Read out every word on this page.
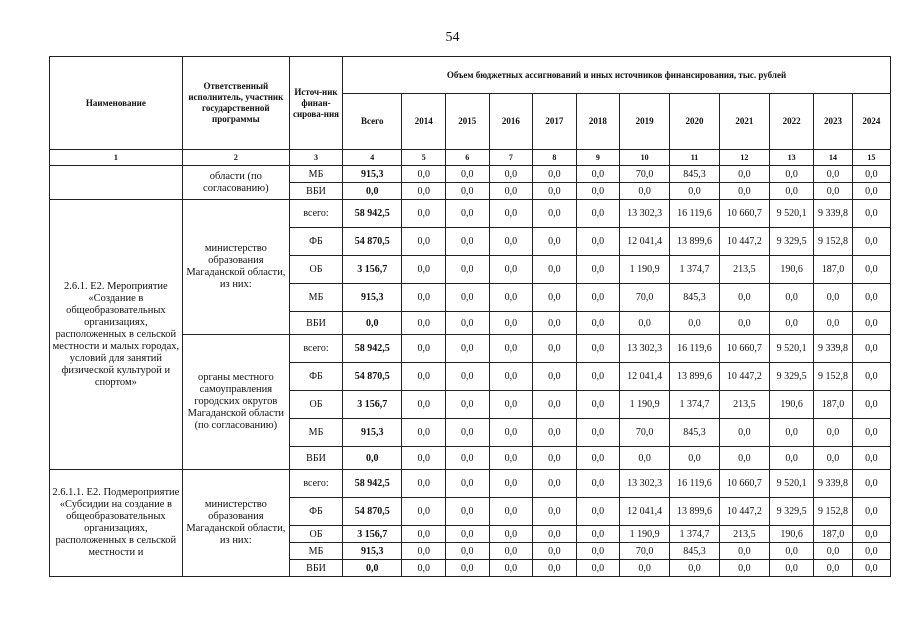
54
Наименование	Ответственный исполнитель, участник государственной программы	Источ-ник финан-сирова-ния	Объем бюджетных ассигнований и иных источников финансирования, тыс. рублей											
			Всего	2014	2015	2016	2017	2018	2019	2020	2021	2022	2023	2024
1	2	3	4	5	6	7	8	9	10	11	12	13	14	15
	области (по согласованию)	МБ	915,3	0,0	0,0	0,0	0,0	0,0	70,0	845,3	0,0	0,0	0,0	0,0
		ВБИ	0,0	0,0	0,0	0,0	0,0	0,0	0,0	0,0	0,0	0,0	0,0	0,0
2.6.1. Е2. Мероприятие «Создание в общеобразовательных организациях, расположенных в сельской местности и малых городах, условий для занятий физической культурой и спортом»	министерство образования Магаданской области, из них:	всего:	58 942,5	0,0	0,0	0,0	0,0	0,0	13 302,3	16 119,6	10 660,7	9 520,1	9 339,8	0,0
		ФБ	54 870,5	0,0	0,0	0,0	0,0	0,0	12 041,4	13 899,6	10 447,2	9 329,5	9 152,8	0,0
		ОБ	3 156,7	0,0	0,0	0,0	0,0	0,0	1 190,9	1 374,7	213,5	190,6	187,0	0,0
		МБ	915,3	0,0	0,0	0,0	0,0	0,0	70,0	845,3	0,0	0,0	0,0	0,0
		ВБИ	0,0	0,0	0,0	0,0	0,0	0,0	0,0	0,0	0,0	0,0	0,0	0,0
	органы местного самоуправления городских округов Магаданской области (по согласованию)	всего:	58 942,5	0,0	0,0	0,0	0,0	0,0	13 302,3	16 119,6	10 660,7	9 520,1	9 339,8	0,0
		ФБ	54 870,5	0,0	0,0	0,0	0,0	0,0	12 041,4	13 899,6	10 447,2	9 329,5	9 152,8	0,0
		ОБ	3 156,7	0,0	0,0	0,0	0,0	0,0	1 190,9	1 374,7	213,5	190,6	187,0	0,0
		МБ	915,3	0,0	0,0	0,0	0,0	0,0	70,0	845,3	0,0	0,0	0,0	0,0
		ВБИ	0,0	0,0	0,0	0,0	0,0	0,0	0,0	0,0	0,0	0,0	0,0	0,0
2.6.1.1. Е2. Подмероприятие «Субсидии на создание в общеобразовательных организациях, расположенных в сельской местности и	министерство образования Магаданской области, из них:	всего:	58 942,5	0,0	0,0	0,0	0,0	0,0	13 302,3	16 119,6	10 660,7	9 520,1	9 339,8	0,0
		ФБ	54 870,5	0,0	0,0	0,0	0,0	0,0	12 041,4	13 899,6	10 447,2	9 329,5	9 152,8	0,0
		ОБ	3 156,7	0,0	0,0	0,0	0,0	0,0	1 190,9	1 374,7	213,5	190,6	187,0	0,0
		МБ	915,3	0,0	0,0	0,0	0,0	0,0	70,0	845,3	0,0	0,0	0,0	0,0
		ВБИ	0,0	0,0	0,0	0,0	0,0	0,0	0,0	0,0	0,0	0,0	0,0	0,0
